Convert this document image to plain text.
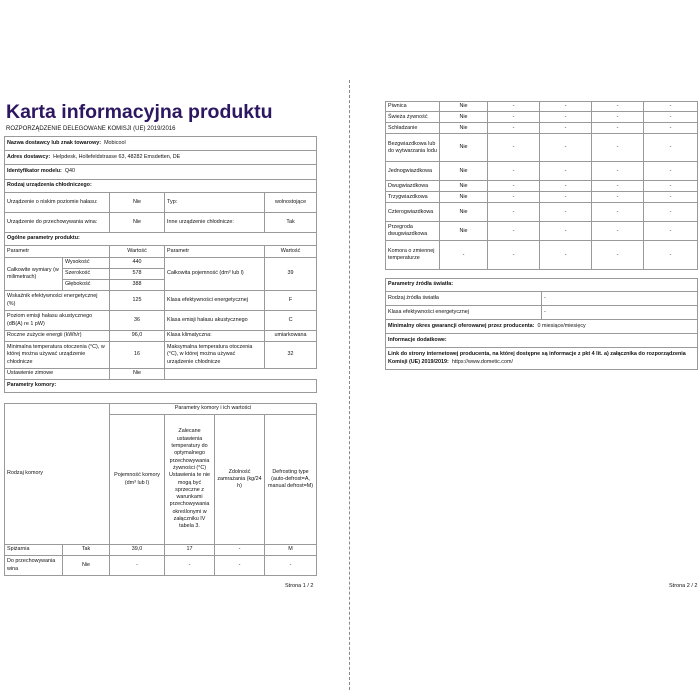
Karta informacyjna produktu
ROZPORZĄDZENIE DELEGOWANE KOMISJI (UE) 2019/2016
Nazwa dostawcy lub znak towarowy: Mobicool				
Adres dostawcy: Helpdesk, Hollefeldstrasse 63, 48282 Emsdetten, DE				
Identyfikator modelu: Q40				
Rodzaj urządzenia chłodniczego:				
Urządzenie o niskim poziomie hałasu:		Nie	Typ:	wolnostojące
Urządzenie do przechowywania wina:		Nie	Inne urządzenie chłodnicze:	Tak
Ogólne parametry produktu:				
Parametr		Wartość	Parametr	Wartość
Całkowite wymiary (w milimetrach)	Wysokość	440	Całkowita pojemność (dm³ lub l)	39
	Szerokość	578		
	Głębokość	388		
Wskaźnik efektywności energetycznej (%)		125	Klasa efektywności energetycznej	F
Poziom emisji hałasu akustycznego (dB(A) re 1 pW)		36	Klasa emisji hałasu akustycznego	C
Roczne zużycie energii (kWh/r)		96,0	Klasa klimatyczna:	umiarkowana
Minimalna temperatura otoczenia (°C), w której można używać urządzenie chłodnicze		16	Maksymalna temperatura otoczenia (°C), w której można używać urządzenie chłodnicze	32
Ustawienie zimowe		Nie		
Parametry komory:				
Rodzaj komory		Parametry komory i ich wartości			
		Pojemność komory (dm³ lub l)	Zalecane ustawienia temperatury do optymalnego przechowywania żywności (°C) Ustawienia te nie mogą być sprzeczne z warunkami przechowywania określonymi w załączniku IV tabela 3.	Zdolność zamrażania (kg/24 h)	Defrosting type (auto-defrost=A, manual defrost=M)
Spiżarnia	Tak	39,0	17	-	M
Do przechowywania wina	Nie	-	-	-	-
Strona 1 / 2
Piwnica	Nie	-	-	-	-
Świeża żywność	Nie	-	-	-	-
Schładzanie	Nie	-	-	-	-
Bezgwiazdkowa lub do wytwarzania lodu	Nie	-	-	-	-
Jednogwiazdkowa	Nie	-	-	-	-
Dwugwiazdkowa	Nie	-	-	-	-
Trzygwiazdkowa	Nie	-	-	-	-
Czterogwiazdkowa	Nie	-	-	-	-
Przegroda dwugwiazdkowa	Nie	-	-	-	-
Komora o zmiennej temperaturze	-	-	-	-	-
Parametry źródła światła:	
Rodzaj źródła światła	-
Klasa efektywności energetycznej	-
Minimalny okres gwarancji oferowanej przez producenta: 0 miesiące/miesięcy	
Informacje dodatkowe:	
Link do strony internetowej producenta, na której dostępne są informacje z pkt 4 lit. a) załącznika do rozporządzenia Komisji (UE) 2019/2019: https://www.dometic.com/	
Strona 2 / 2
